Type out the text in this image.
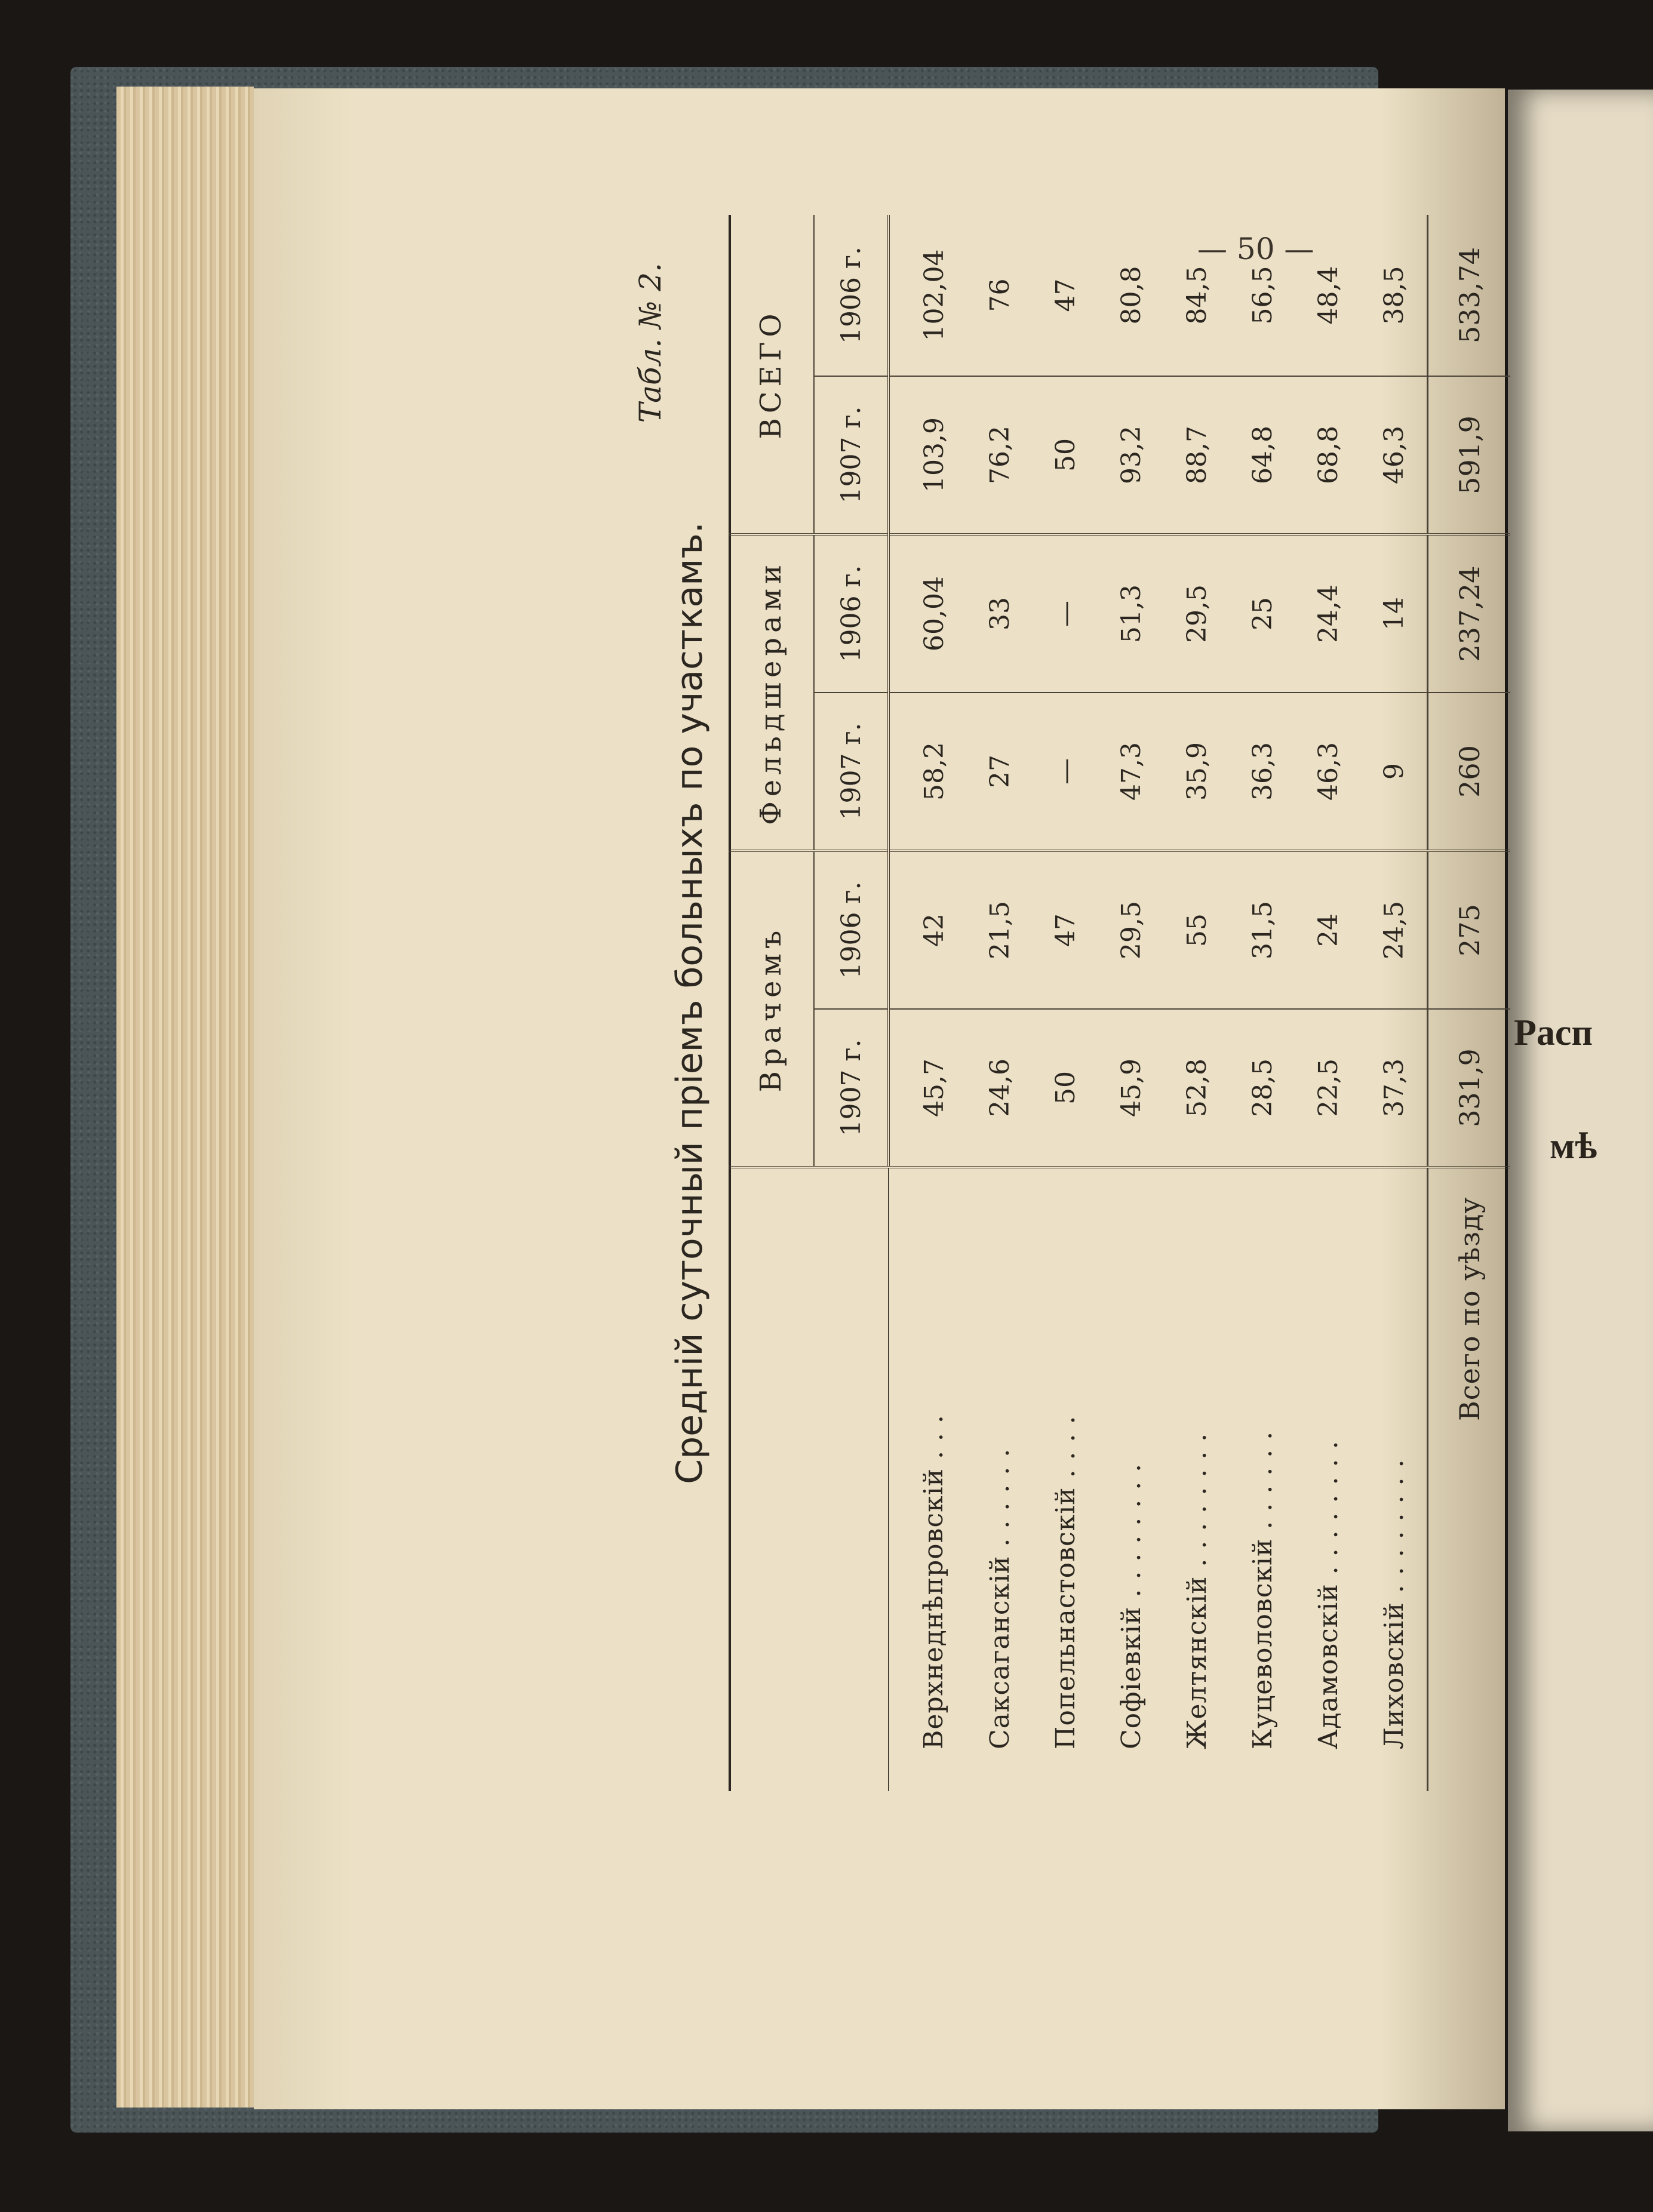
Расп
мѣ
— 50 —
Табл. № 2.
Средній суточный пріемъ больныхъ по участкамъ.
	Врачемъ		Фельдшерами		ВСЕГО	
	1907 г.	1906 г.	1907 г.	1906 г.	1907 г.	1906 г.
Верхнеднѣпровскій . . .	45,7	42	58,2	60,04	103,9	102,04
Саксаганскій . . . . . .	24,6	21,5	27	33	76,2	76
Попельнастовскій . . . .	50	47	—	—	50	47
Софіевкій . . . . . . . .	45,9	29,5	47,3	51,3	93,2	80,8
Желтянскій . . . . . . . .	52,8	55	35,9	29,5	88,7	84,5
Куцеволовскій . . . . . .	28,5	31,5	36,3	25	64,8	56,5
Адамовскій . . . . . . . .	22,5	24	46,3	24,4	68,8	48,4
Лиховскій . . . . . . . .	37,3	24,5	9	14	46,3	38,5
Всего по уѣзду	331,9	275	260	237,24	591,9	533,74
